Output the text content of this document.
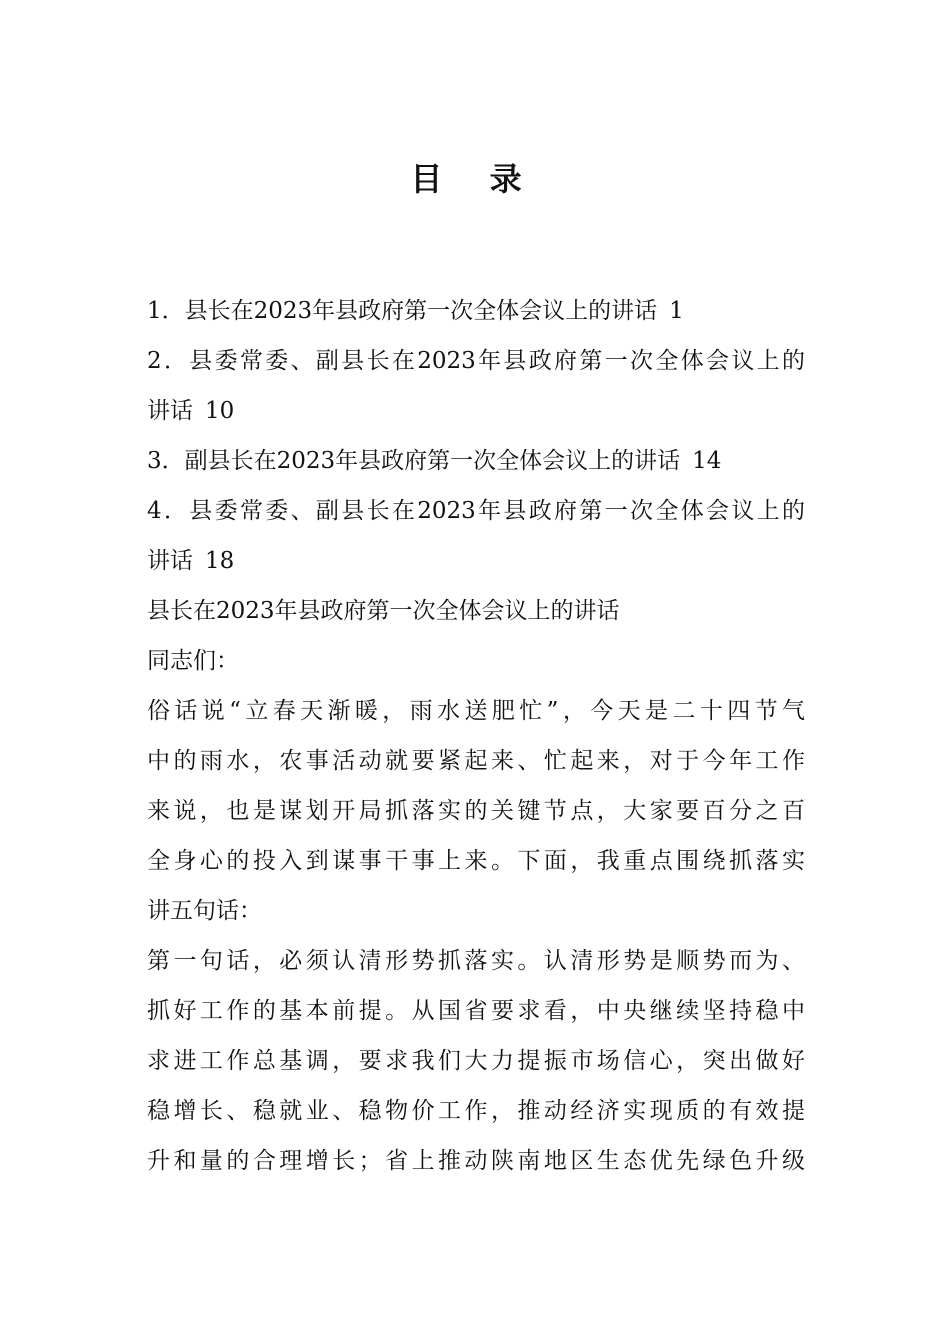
目 录
1．县长在2023年县政府第一次全体会议上的讲话 1
2．县委常委、副县长在2023年县政府第一次全体会议上的
讲话 10
3．副县长在2023年县政府第一次全体会议上的讲话 14
4．县委常委、副县长在2023年县政府第一次全体会议上的
讲话 18
县长在2023年县政府第一次全体会议上的讲话
同志们：
俗话说“立春天渐暖，雨水送肥忙”，今天是二十四节气
中的雨水，农事活动就要紧起来、忙起来，对于今年工作
来说，也是谋划开局抓落实的关键节点，大家要百分之百
全身心的投入到谋事干事上来。下面，我重点围绕抓落实
讲五句话：
第一句话，必须认清形势抓落实。认清形势是顺势而为、
抓好工作的基本前提。从国省要求看，中央继续坚持稳中
求进工作总基调，要求我们大力提振市场信心，突出做好
稳增长、稳就业、稳物价工作，推动经济实现质的有效提
升和量的合理增长；省上推动陕南地区生态优先绿色升级
